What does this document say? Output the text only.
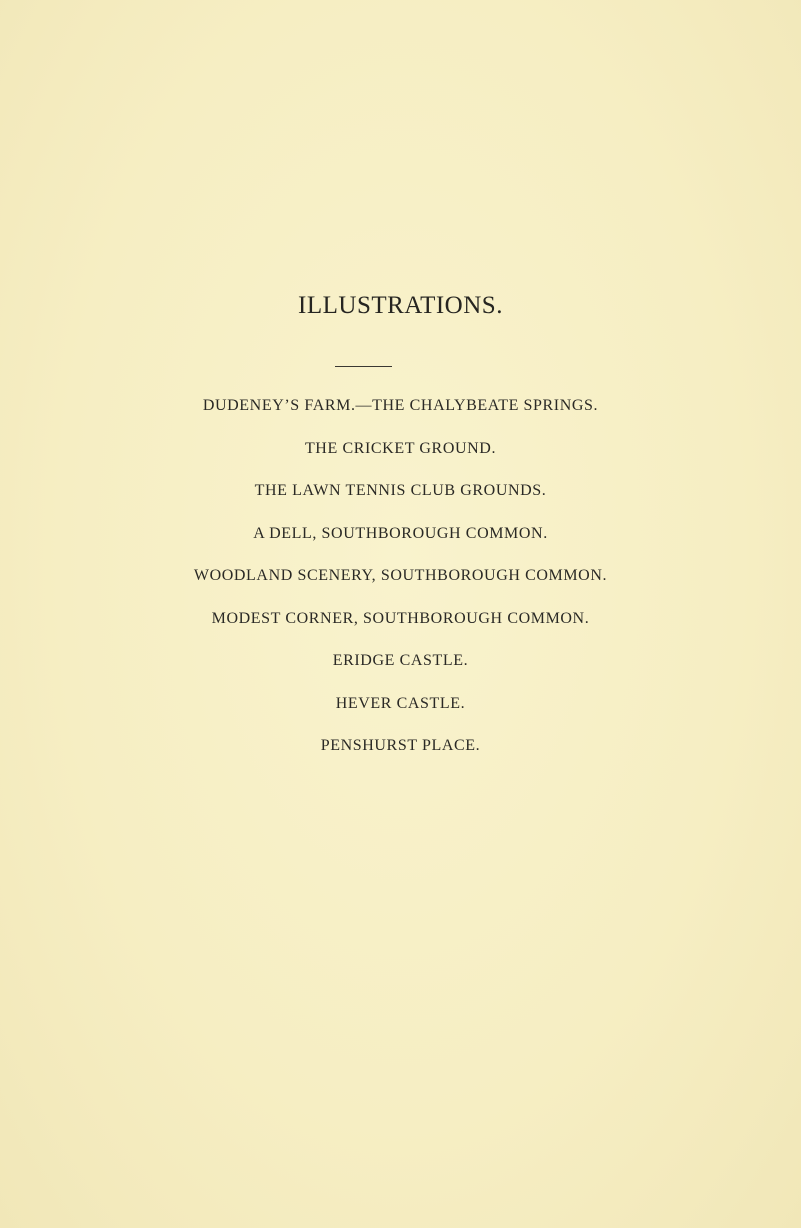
ILLUSTRATIONS.
DUDENEY’S FARM.—THE CHALYBEATE SPRINGS.
THE CRICKET GROUND.
THE LAWN TENNIS CLUB GROUNDS.
A DELL, SOUTHBOROUGH COMMON.
WOODLAND SCENERY, SOUTHBOROUGH COMMON.
MODEST CORNER, SOUTHBOROUGH COMMON.
ERIDGE CASTLE.
HEVER CASTLE.
PENSHURST PLACE.
